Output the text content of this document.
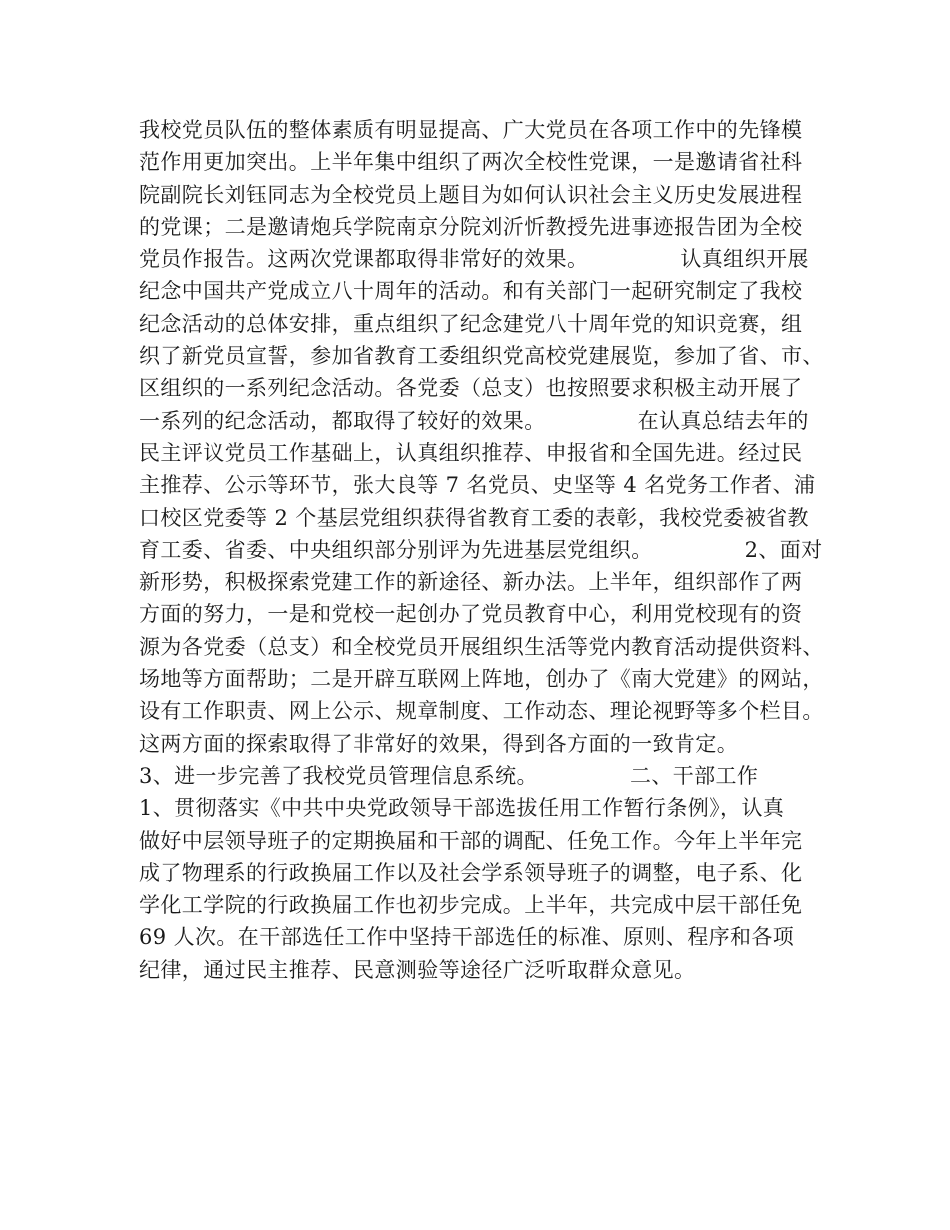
我校党员队伍的整体素质有明显提高、广大党员在各项工作中的先锋模
范作用更加突出。上半年集中组织了两次全校性党课，一是邀请省社科
院副院长刘钰同志为全校党员上题目为如何认识社会主义历史发展进程
的党课；二是邀请炮兵学院南京分院刘沂忻教授先进事迹报告团为全校
党员作报告。这两次党课都取得非常好的效果。             认真组织开展
纪念中国共产党成立八十周年的活动。和有关部门一起研究制定了我校
纪念活动的总体安排，重点组织了纪念建党八十周年党的知识竞赛，组
织了新党员宣誓，参加省教育工委组织党高校党建展览，参加了省、市、
区组织的一系列纪念活动。各党委（总支）也按照要求积极主动开展了
一系列的纪念活动，都取得了较好的效果。             在认真总结去年的
民主评议党员工作基础上，认真组织推荐、申报省和全国先进。经过民
主推荐、公示等环节，张大良等 7 名党员、史坚等 4 名党务工作者、浦
口校区党委等 2 个基层党组织获得省教育工委的表彰，我校党委被省教
育工委、省委、中央组织部分别评为先进基层党组织。             2、面对
新形势，积极探索党建工作的新途径、新办法。上半年，组织部作了两
方面的努力，一是和党校一起创办了党员教育中心，利用党校现有的资
源为各党委（总支）和全校党员开展组织生活等党内教育活动提供资料、
场地等方面帮助；二是开辟互联网上阵地，创办了《南大党建》的网站，
设有工作职责、网上公示、规章制度、工作动态、理论视野等多个栏目。
这两方面的探索取得了非常好的效果，得到各方面的一致肯定。
3、进一步完善了我校党员管理信息系统。             二、干部工作
1、贯彻落实《中共中央党政领导干部选拔任用工作暂行条例》，认真
做好中层领导班子的定期换届和干部的调配、任免工作。今年上半年完
成了物理系的行政换届工作以及社会学系领导班子的调整，电子系、化
学化工学院的行政换届工作也初步完成。上半年，共完成中层干部任免
69 人次。在干部选任工作中坚持干部选任的标准、原则、程序和各项
纪律，通过民主推荐、民意测验等途径广泛听取群众意见。
